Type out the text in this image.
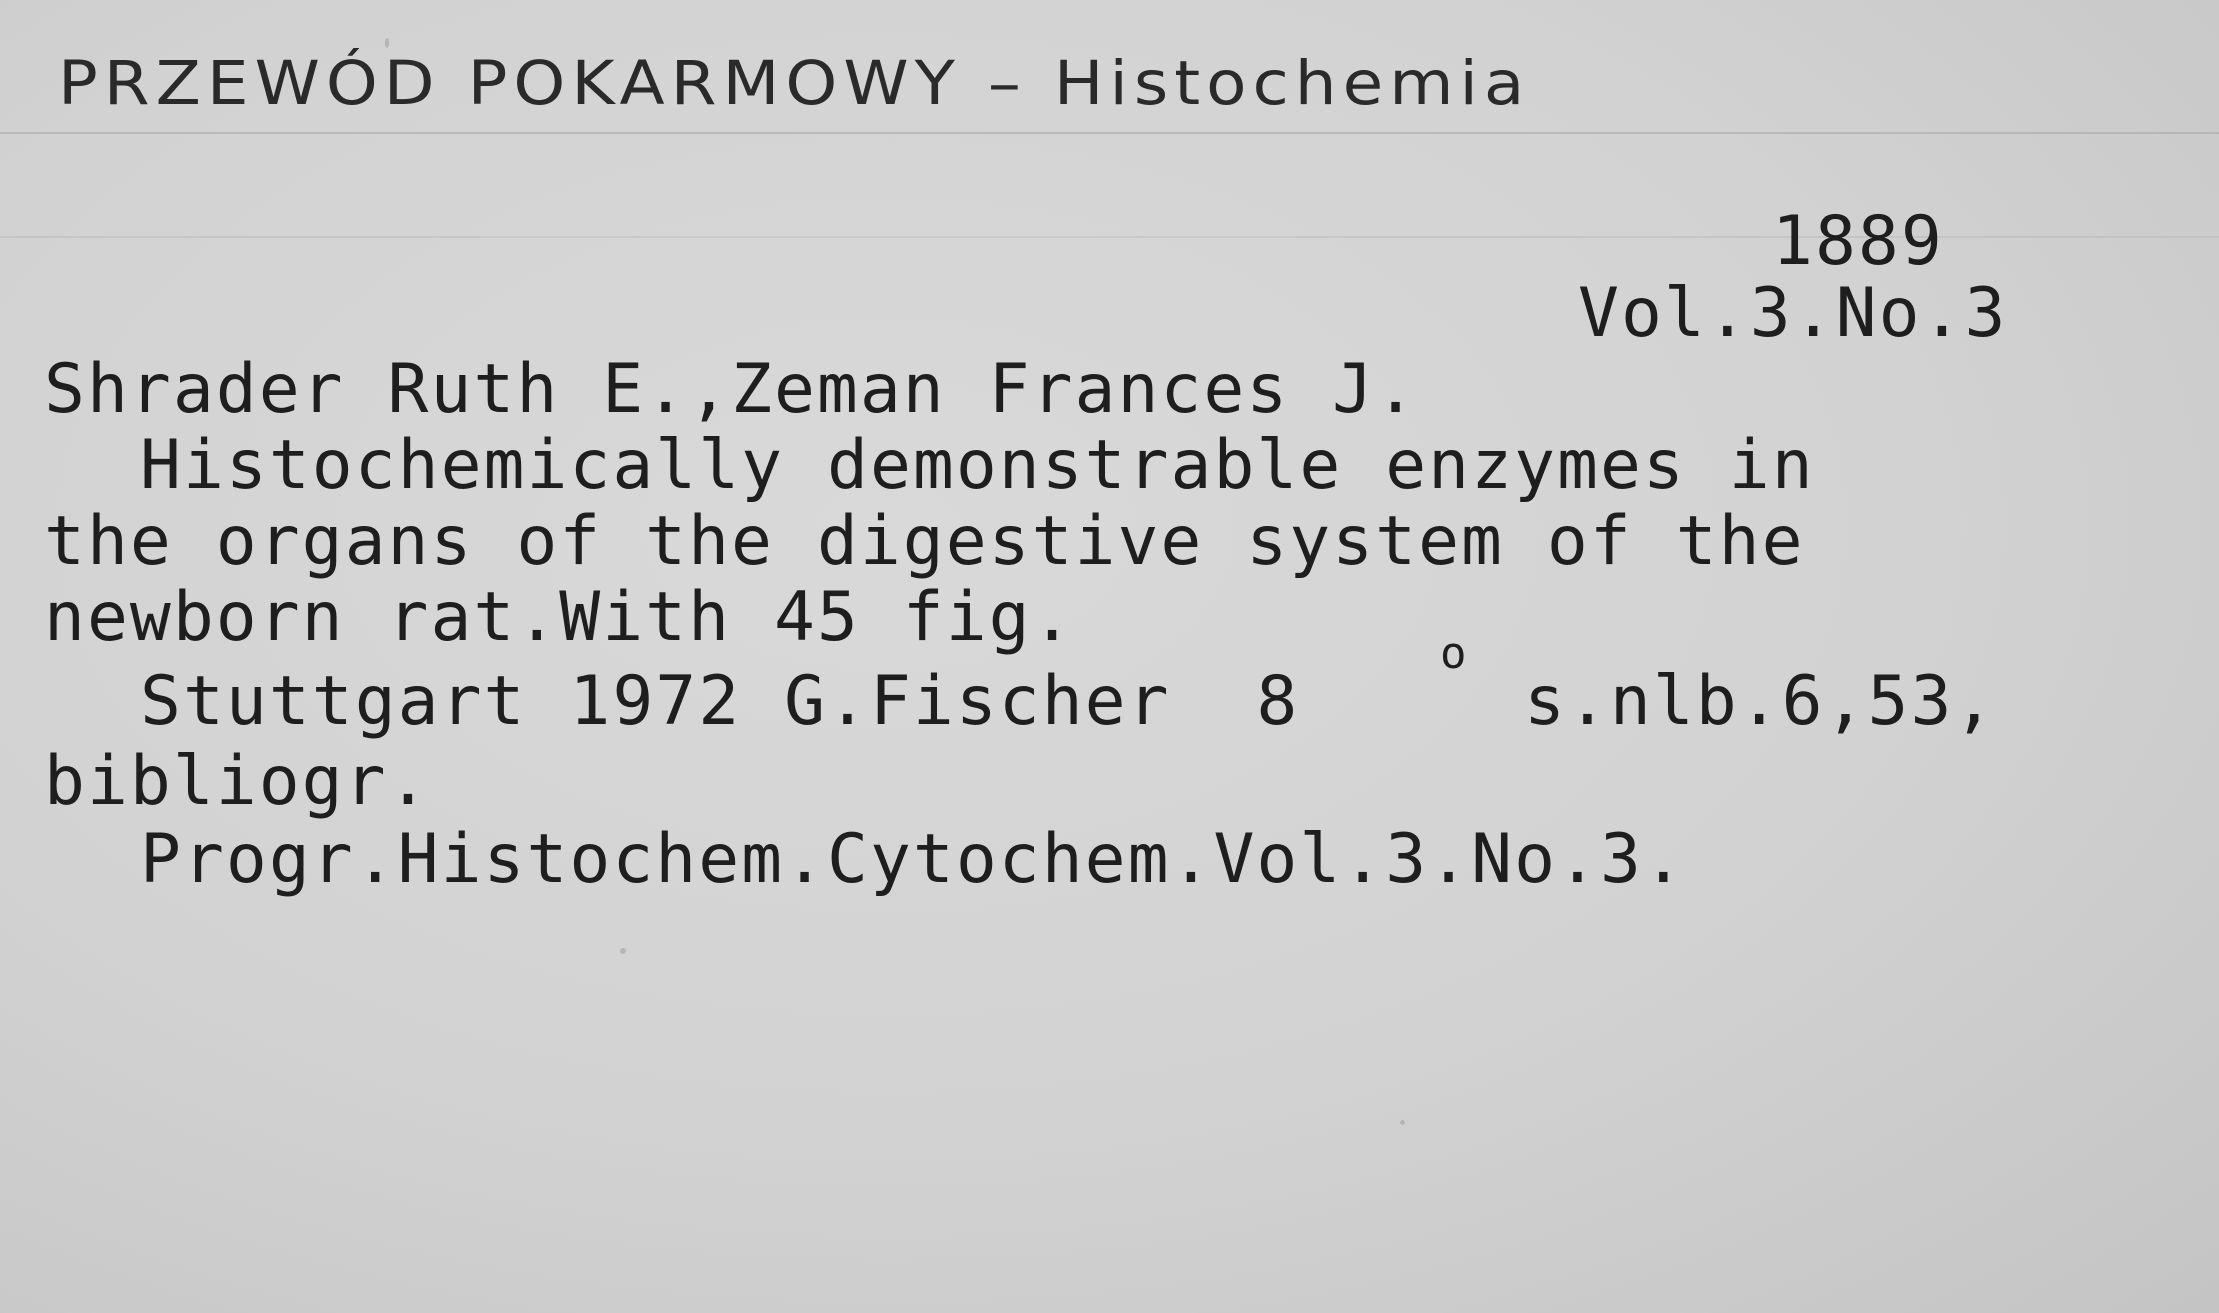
PRZEWÓD POKARMOWY – Histochemia
1889
Vol.3.No.3
Shrader Ruth E.,Zeman Frances J.
Histochemically demonstrable enzymes in
the organs of the digestive system of the
newborn rat.With 45 fig.
Stuttgart 1972 G.Fischer  8
o
s.nlb.6,53,
bibliogr.
Progr.Histochem.Cytochem.Vol.3.No.3.
